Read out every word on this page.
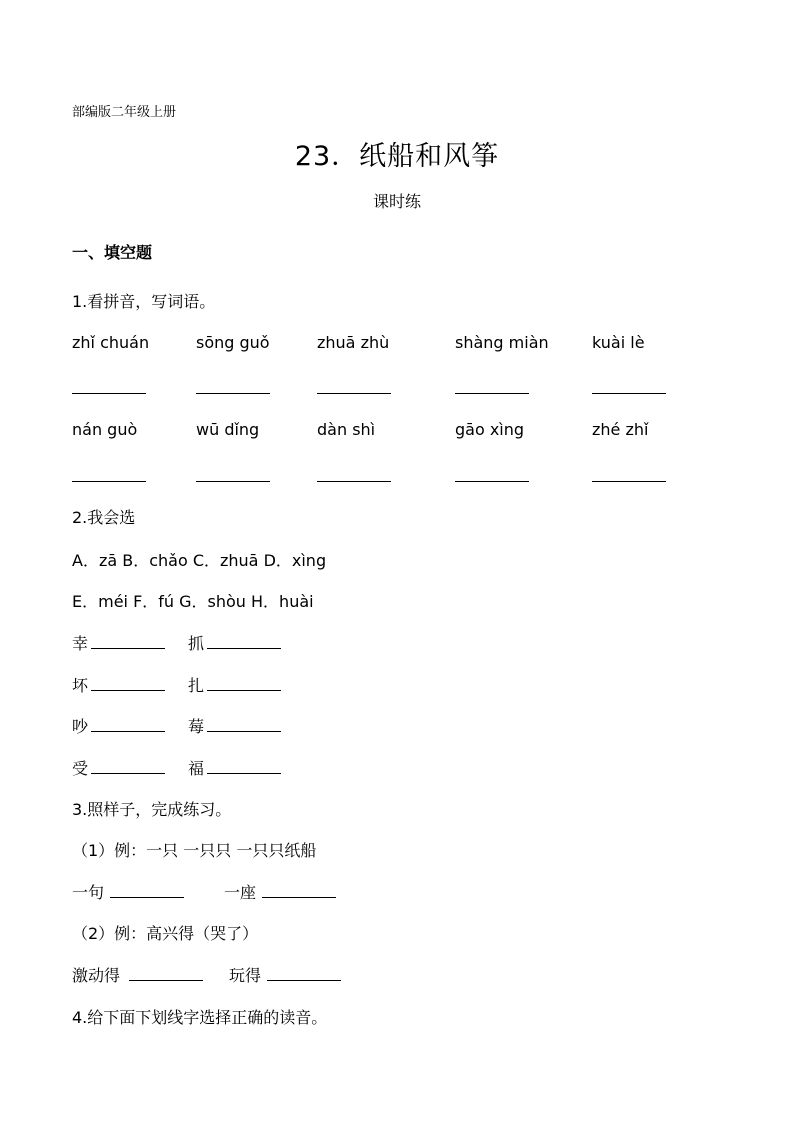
部编版二年级上册
23．纸船和风筝
课时练
一、填空题
1.看拼音，写词语。
zhǐ chuán	sōng guǒ	zhuā zhù	shàng miàn	kuài lè
nán guò	wū dǐng	dàn shì	gāo xìng	zhé zhǐ
2.我会选
A．zā B．chǎo C．zhuā D．xìng
E．méi F．fú G．shòu H．huài
幸	抓
坏	扎
吵	莓
受	福
3.照样子，完成练习。
（1）例：一只 一只只 一只只纸船
一句	一座
（2）例：高兴得（哭了）
激动得	玩得
4.给下面下划线字选择正确的读音。
